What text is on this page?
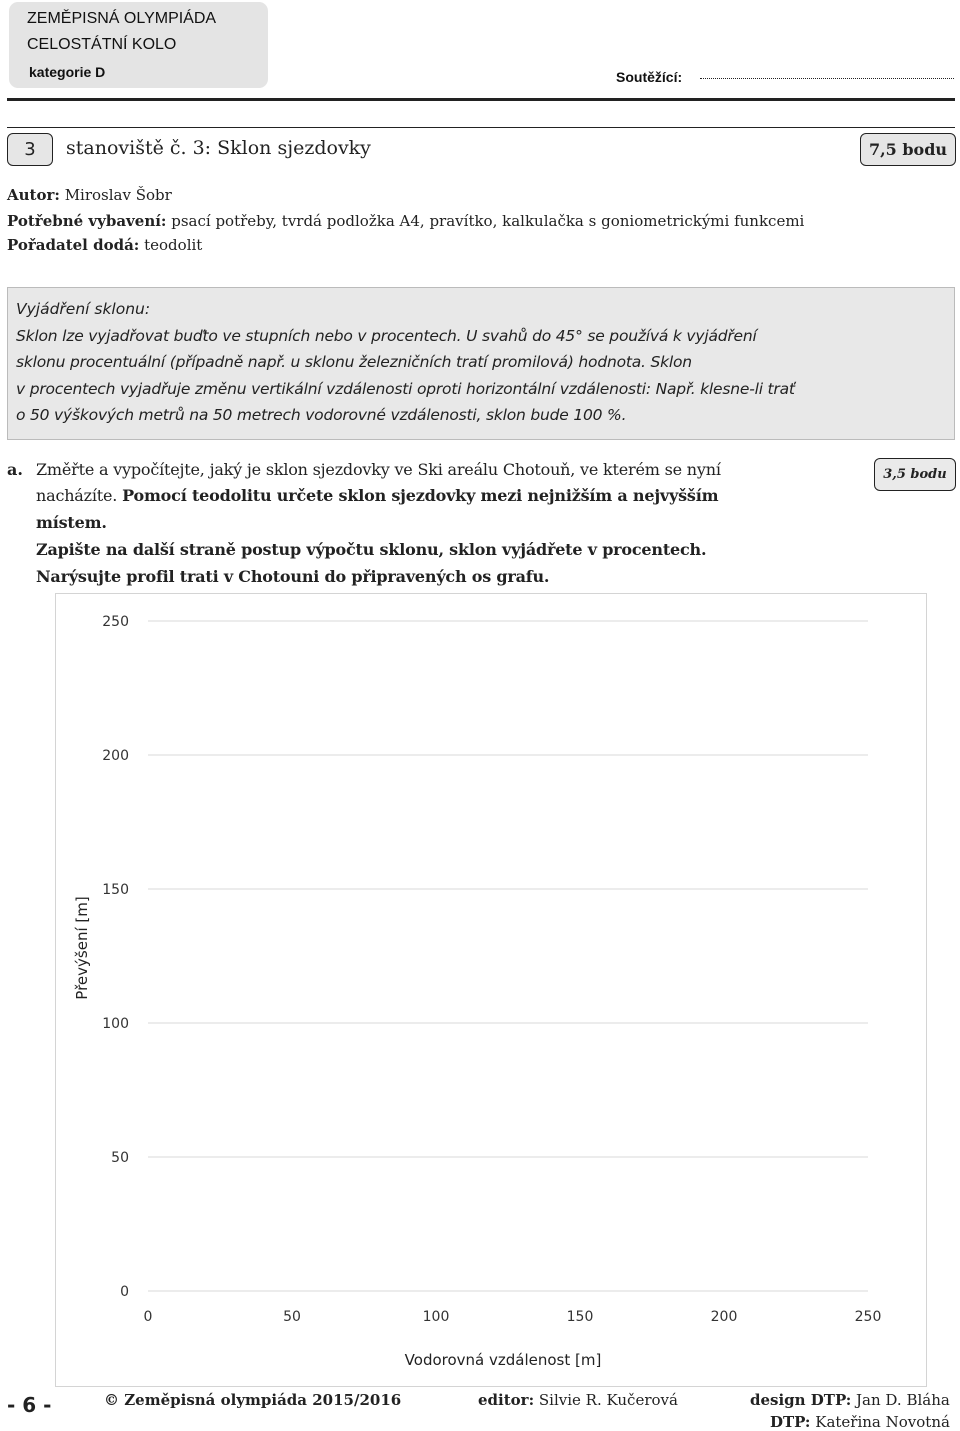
ZEMĚPISNÁ OLYMPIÁDA
CELOSTÁTNÍ KOLO
kategorie D	Soutěžící:
3	stanoviště č. 3: Sklon sjezdovky	7,5 bodu
Autor: Miroslav Šobr
Potřebné vybavení: psací potřeby, tvrdá podložka A4, pravítko, kalkulačka s goniometrickými funkcemi
Pořadatel dodá: teodolit
Vyjádření sklonu:
Sklon lze vyjadřovat buďto ve stupních nebo v procentech. U svahů do 45° se používá k vyjádření
sklonu procentuální (případně např. u sklonu železničních tratí promilová) hodnota. Sklon
v procentech vyjadřuje změnu vertikální vzdálenosti oproti horizontální vzdálenosti: Např. klesne-li trať
o 50 výškových metrů na 50 metrech vodorovné vzdálenosti, sklon bude 100 %.
a. Změřte a vypočítejte, jaký je sklon sjezdovky ve Ski areálu Chotouň, ve kterém se nyní
nacházíte. Pomocí teodolitu určete sklon sjezdovky mezi nejnižším a nejvyšším
místem.
Zapište na další straně postup výpočtu sklonu, sklon vyjádřete v procentech.
Narýsujte profil trati v Chotouni do připravených os grafu.
3,5 bodu
0
50
100
150
200
250
0	50	100	150	200	250
Převýšení [m]
Vodorovná vzdálenost [m]
- 6 -	© Zeměpisná olympiáda 2015/2016	editor: Silvie R. Kučerová	design DTP: Jan D. Bláha
DTP: Kateřina Novotná
